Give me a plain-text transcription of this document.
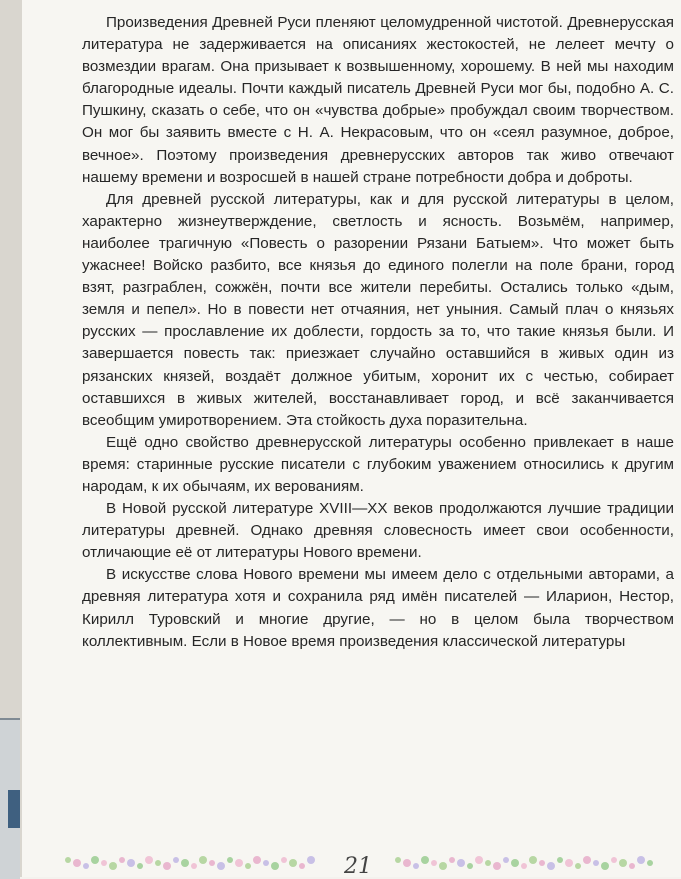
Произведения Древней Руси пленяют целомудренной чистотой. Древнерусская литература не задерживается на описаниях жестокостей, не лелеет мечту о возмездии врагам. Она призывает к возвышенному, хорошему. В ней мы находим благородные идеалы. Почти каждый писатель Древней Руси мог бы, подобно А. С. Пушкину, сказать о себе, что он «чувства добрые» пробуждал своим творчеством. Он мог бы заявить вместе с Н. А. Некрасовым, что он «сеял разумное, доброе, вечное». Поэтому произведения древнерусских авторов так живо отвечают нашему времени и возросшей в нашей стране потребности добра и доброты.

Для древней русской литературы, как и для русской литературы в целом, характерно жизнеутверждение, светлость и ясность. Возьмём, например, наиболее трагичную «Повесть о разорении Рязани Батыем». Что может быть ужаснее! Войско разбито, все князья до единого полегли на поле брани, город взят, разграблен, сожжён, почти все жители перебиты. Остались только «дым, земля и пепел». Но в повести нет отчаяния, нет уныния. Самый плач о князьях русских — прославление их доблести, гордость за то, что такие князья были. И завершается повесть так: приезжает случайно оставшийся в живых один из рязанских князей, воздаёт должное убитым, хоронит их с честью, собирает оставшихся в живых жителей, восстанавливает город, и всё заканчивается всеобщим умиротворением. Эта стойкость духа поразительна.

Ещё одно свойство древнерусской литературы особенно привлекает в наше время: старинные русские писатели с глубоким уважением относились к другим народам, к их обычаям, их верованиям.

В Новой русской литературе XVIII—XX веков продолжаются лучшие традиции литературы древней. Однако древняя словесность имеет свои особенности, отличающие её от литературы Нового времени.

В искусстве слова Нового времени мы имеем дело с отдельными авторами, а древняя литература хотя и сохранила ряд имён писателей — Иларион, Нестор, Кирилл Туровский и многие другие, — но в целом была творчеством коллективным. Если в Новое время произведения классической литературы

21
